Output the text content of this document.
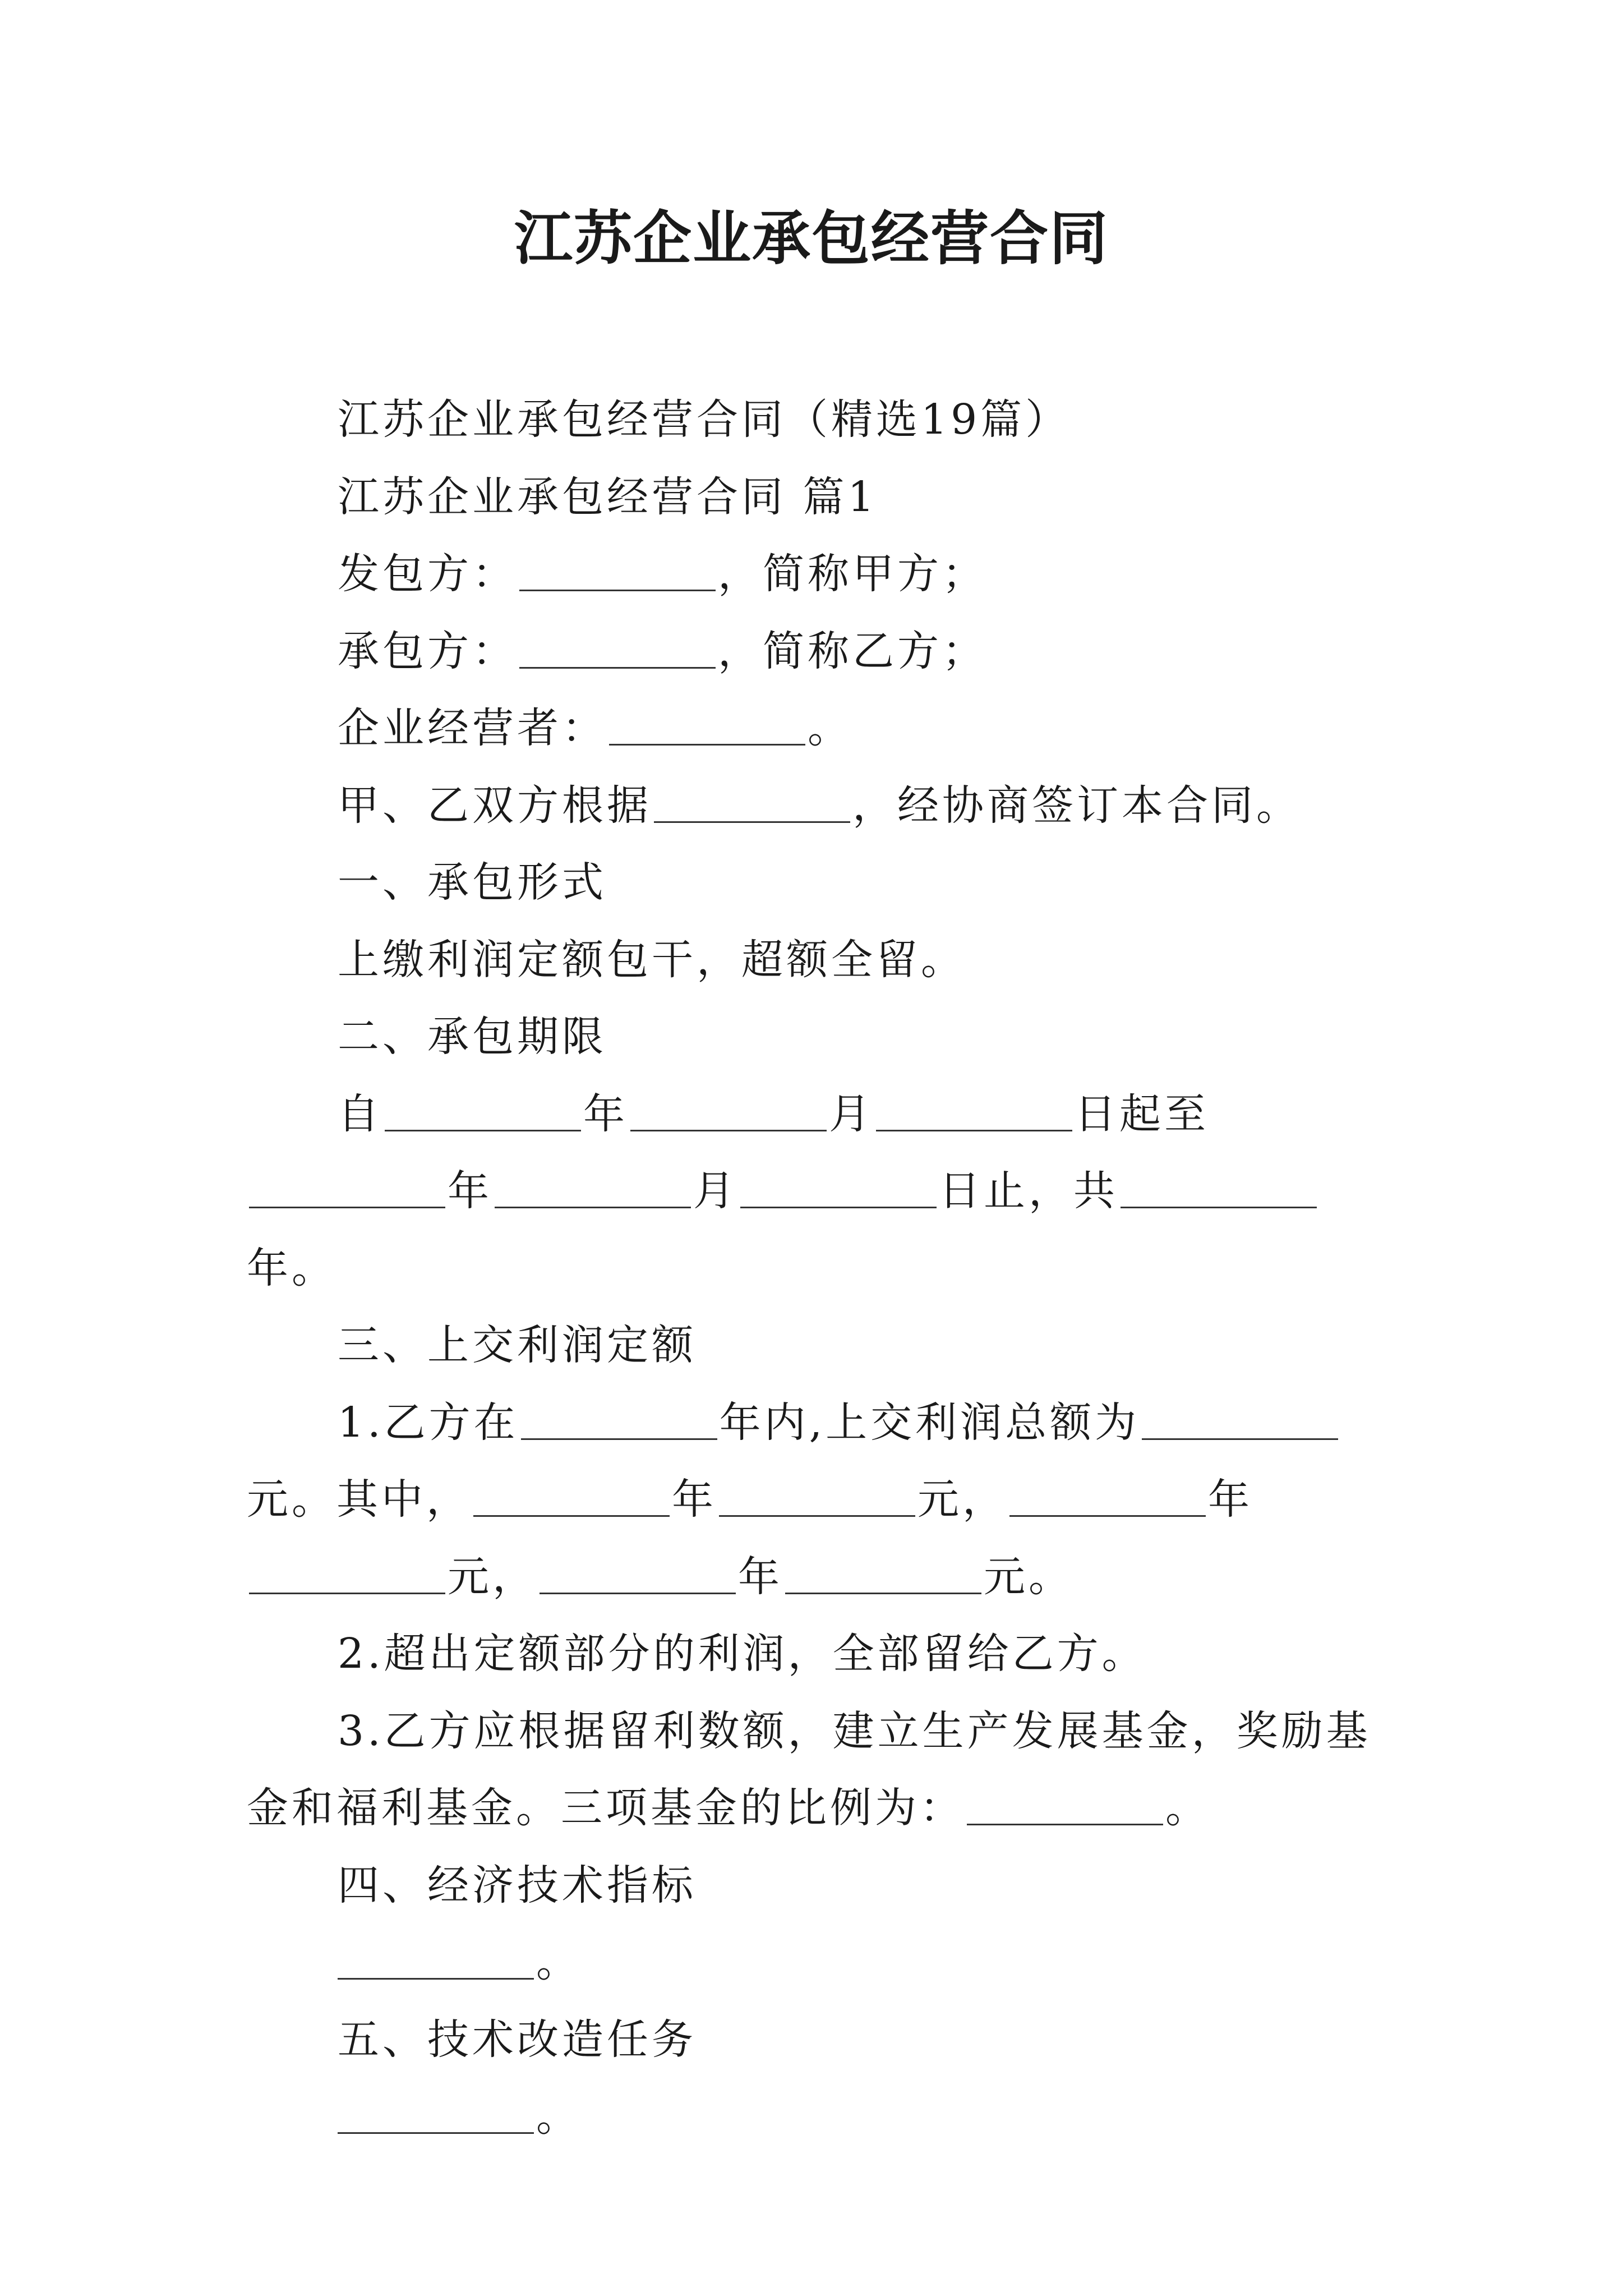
江苏企业承包经营合同

江苏企业承包经营合同（精选19篇）

江苏企业承包经营合同 篇1

发包方：	，简称甲方；

承包方：	，简称乙方；

企业经营者：	。

甲、乙双方根据	，经协商签订本合同。

一、承包形式

上缴利润定额包干，超额全留。

二、承包期限

自	年	月	日起至年	月	日止，共年。

三、上交利润定额

1.乙方在	年内,上交利润总额为元。其中，	年	元，	年元，	年	元。

2.超出定额部分的利润，全部留给乙方。

3.乙方应根据留利数额，建立生产发展基金，奖励基金和福利基金。三项基金的比例为：	。

四、经济技术指标

。

五、技术改造任务

。
